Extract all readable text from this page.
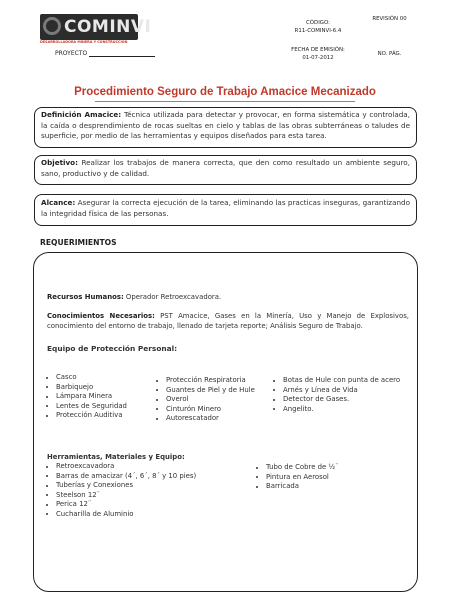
COMINVI
DESARROLLADORA MINERA Y CONSTRUCCION
PROYECTO
CÓDIGO:
R11-COMINVI-6.4
REVISIÓN 00
FECHA DE EMISIÓN:
01-07-2012
NO. PÁG.
Procedimiento Seguro de Trabajo Amacice Mecanizado
Definición Amacice: Técnica utilizada para detectar y provocar, en forma sistemática y controlada, la caída o desprendimiento de rocas sueltas en cielo y tablas de las obras subterráneas o taludes de superficie, por medio de las herramientas y equipos diseñados para esta tarea.
Objetivo: Realizar los trabajos de manera correcta, que den como resultado un ambiente seguro, sano, productivo y de calidad.
Alcance: Asegurar la correcta ejecución de la tarea, eliminando las practicas inseguras, garantizando la integridad física de las personas.
REQUERIMIENTOS
Recursos Humanos: Operador Retroexcavadora.
Conocimientos Necesarios: PST Amacice, Gases en la Minería, Uso y Manejo de Explosivos, conocimiento del entorno de trabajo, llenado de tarjeta reporte; Análisis Seguro de Trabajo.
Equipo de Protección Personal:
Casco
Barbiquejo
Lámpara Minera
Lentes de Seguridad
Protección Auditiva
Protección Respiratoria
Guantes de Piel y de Hule
Overol
Cinturón Minero
Autorescatador
Botas de Hule con punta de acero
Arnés y Línea de Vida
Detector de Gases.
Angelito.
Herramientas, Materiales y Equipo:
Retroexcavadora
Barras de amacizar (4´, 6´, 8´ y 10 pies)
Tuberías y Conexiones
Steelson 12¨
Perica 12¨
Cucharilla de Aluminio
Tubo de Cobre de ½¨
Pintura en Aerosol
Barricada
